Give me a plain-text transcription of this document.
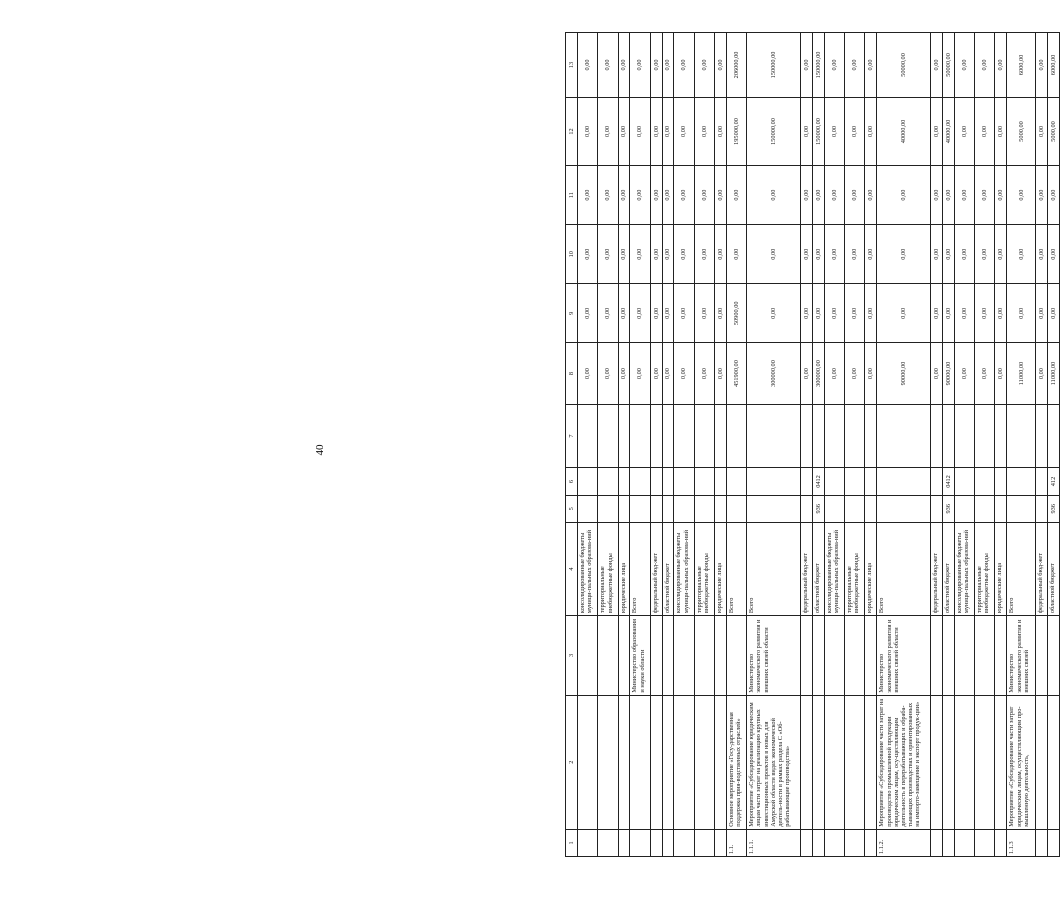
40
1	2	3	4	5	6	7	8	9	10	11	12	13
			консолидированные бюджеты муници-пальных образова-ний				0,00	0,00	0,00	0,00	0,00	0,00
			территориальные внебюджетные фонды				0,00	0,00	0,00	0,00	0,00	0,00
			юридические лица				0,00	0,00	0,00	0,00	0,00	0,00
		Министерство образования и науки области	Всего				0,00	0,00	0,00	0,00	0,00	0,00
			федеральный бюд-жет				0,00	0,00	0,00	0,00	0,00	0,00
			областной бюджет				0,00	0,00	0,00	0,00	0,00	0,00
			консолидированные бюджеты муници-пальных образова-ний				0,00	0,00	0,00	0,00	0,00	0,00
			территориальные внебюджетные фонды				0,00	0,00	0,00	0,00	0,00	0,00
			юридические лица				0,00	0,00	0,00	0,00	0,00	0,00
1.1.	Основное мероприятие «Госу-дарственная поддержка прия-водственных отраслей»		Всего				451900,00	50900,00	0,00	0,00	195000,00	206000,00
1.1.1.	Мероприятие «Субсидирование юридическим лицам части затрат на реализацию крупных инвестиционных проектов в новых для Амурской области видах экономической деятель-ности в рамках раздела С «Об-рабатывающие производства»	Министерство экономического развития и внешних связей области	Всего				300000,00	0,00	0,00	0,00	150000,00	150000,00
			федеральный бюд-жет				0,00	0,00	0,00	0,00	0,00	0,00
			областной бюджет	936	0412		300000,00	0,00	0,00	0,00	150000,00	150000,00
			консолидированные бюджеты муници-пальных образова-ний				0,00	0,00	0,00	0,00	0,00	0,00
			территориальные внебюджетные фонды				0,00	0,00	0,00	0,00	0,00	0,00
			юридические лица				0,00	0,00	0,00	0,00	0,00	0,00
1.1.2.	Мероприятие «Субсидирование части затрат на производство промышленной продукции юридическим лицам, осу-ществляющим деятельность в перерабатывающих и обраба-тывающих производствах и ориентированных на импорто-замещение и экспорт продук-ции»	Министерство экономического развития и внешних связей области	Всего				90000,00	0,00	0,00	0,00	40000,00	50000,00
			федеральный бюд-жет				0,00	0,00	0,00	0,00	0,00	0,00
			областной бюджет	936	0412		90000,00	0,00	0,00	0,00	40000,00	50000,00
			консолидированные бюджеты муници-пальных образова-ний				0,00	0,00	0,00	0,00	0,00	0,00
			территориальные внебюджетные фонды				0,00	0,00	0,00	0,00	0,00	0,00
			юридические лица				0,00	0,00	0,00	0,00	0,00	0,00
1.1.3	Мероприятие «Субсидирование части затрат юридическим лицам, осуществляющим про-мышленную деятельность,	Министерство экономического развития и внешних связей	Всего				11000,00	0,00	0,00	0,00	5000,00	6000,00
			федеральный бюд-жет				0,00	0,00	0,00	0,00	0,00	0,00
			областной бюджет	936	412		11000,00	0,00	0,00	0,00	5000,00	6000,00
